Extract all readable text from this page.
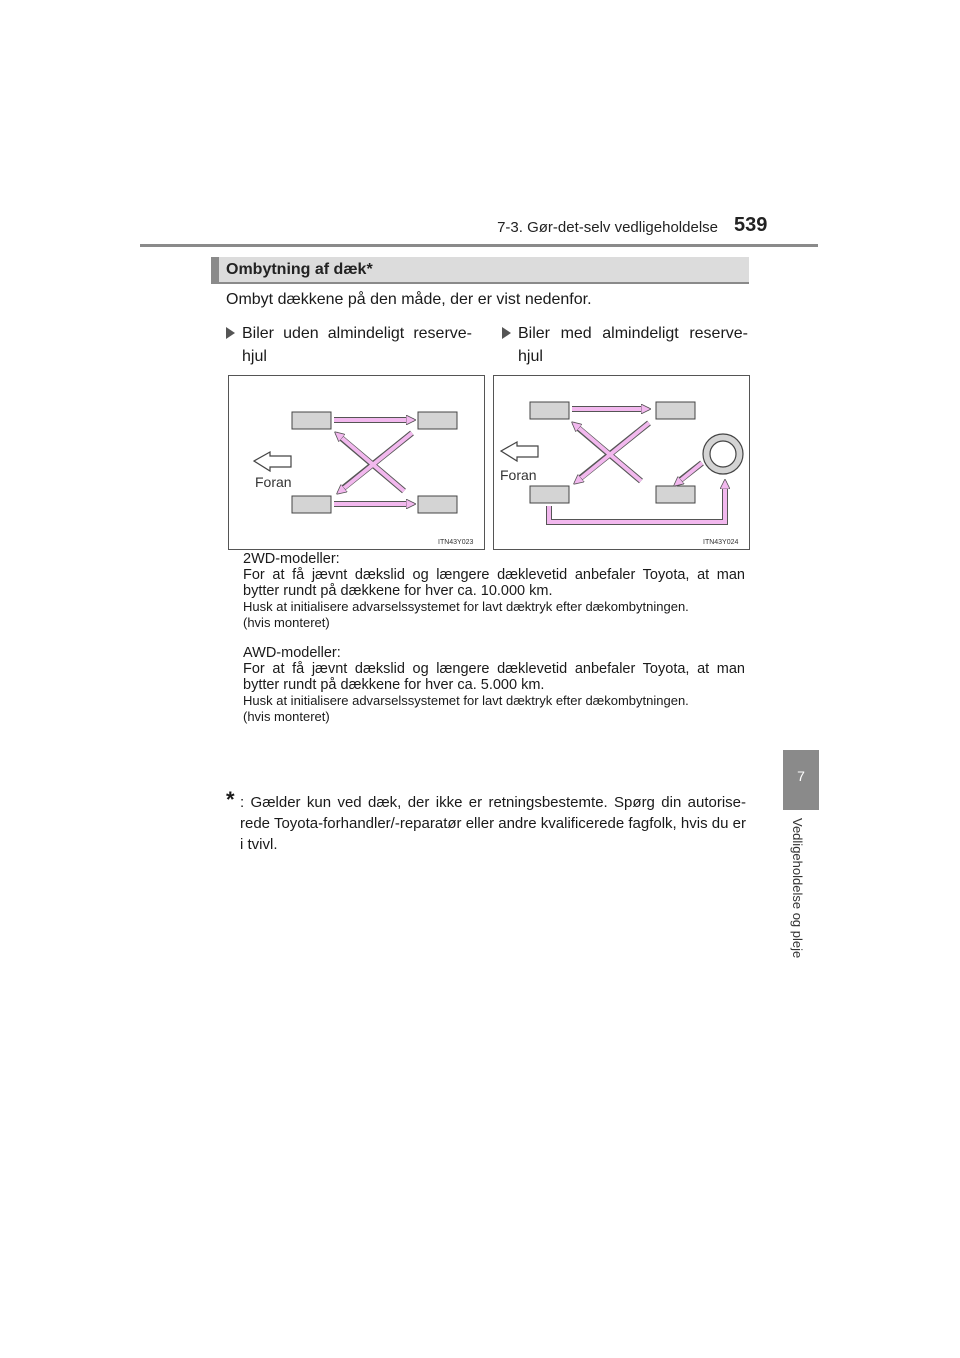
7-3. Gør-det-selv vedligeholdelse 539
7
Vedligeholdelse og pleje
Ombytning af dæk*
Ombyt dækkene på den måde, der er vist nedenfor.
Biler uden almindeligt reserve-hjul
Biler med almindeligt reserve-hjul
Foran
ITN43Y023
Foran
ITN43Y024
2WD-modeller:
For at få jævnt dækslid og længere dæklevetid anbefaler Toyota, at man bytter rundt på dækkene for hver ca. 10.000 km.
Husk at initialisere advarselssystemet for lavt dæktryk efter dækombytningen.
(hvis monteret)
AWD-modeller:
For at få jævnt dækslid og længere dæklevetid anbefaler Toyota, at man bytter rundt på dækkene for hver ca. 5.000 km.
Husk at initialisere advarselssystemet for lavt dæktryk efter dækombytningen.
(hvis monteret)
* : Gælder kun ved dæk, der ikke er retningsbestemte. Spørg din autorise-rede Toyota-forhandler/-reparatør eller andre kvalificerede fagfolk, hvis du er i tvivl.
